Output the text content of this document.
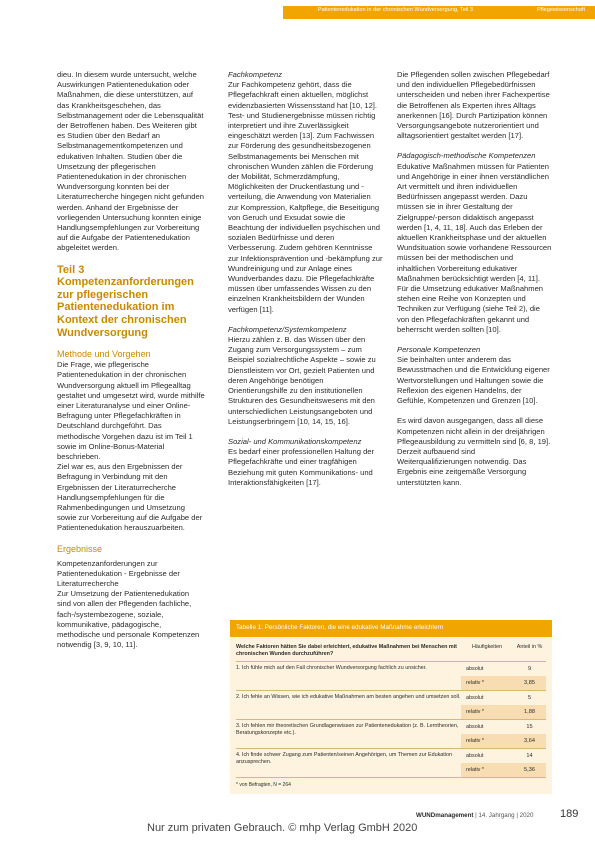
Patientenedukation in der chronischen Wundversorgung, Teil 3	Pflegewissenschaft

dieu. In diesem wurde untersucht, welche Auswirkungen Patientenedukation oder Maßnahmen, die diese unterstützen, auf das Krankheitsgeschehen, das Selbstmanagement oder die Lebensqualität der Betroffenen haben. Des Weiteren gibt es Studien über den Bedarf an Selbstmanagementkompetenzen und edukativen Inhalten. Studien über die Umsetzung der pflegerischen Patientenedukation in der chronischen Wundversorgung konnten bei der Literaturrecherche hingegen nicht gefunden werden. Anhand der Ergebnisse der vorliegenden Untersuchung konnten einige Handlungsempfehlungen zur Vorbereitung auf die Aufgabe der Patientenedukation abgeleitet werden.

Teil 3 Kompetenzanforderungen zur pflegerischen Patientenedukation im Kontext der chronischen Wundversorgung

Methode und Vorgehen

Die Frage, wie pflegerische Patientenedukation in der chronischen Wundversorgung aktuell im Pflegealltag gestaltet und umgesetzt wird, wurde mithilfe einer Literaturanalyse und einer Online-Befragung unter Pflegefachkräften in Deutschland durchgeführt. Das methodische Vorgehen dazu ist im Teil 1 sowie im Online-Bonus-Material beschrieben.

Ziel war es, aus den Ergebnissen der Befragung in Verbindung mit den Ergebnissen der Literaturrecherche Handlungsempfehlungen für die Rahmenbedingungen und Umsetzung sowie zur Vorbereitung auf die Aufgabe der Patientenedukation herauszuarbeiten.

Ergebnisse

Kompetenzanforderungen zur Patientenedukation - Ergebnisse der Literaturrecherche

Zur Umsetzung der Patientenedukation sind von allen der Pflegenden fachliche, fach-/systembezogene, soziale, kommunikative, pädagogische, methodische und personale Kompetenzen notwendig [3, 9, 10, 11].

Fachkompetenz

Zur Fachkompetenz gehört, dass die Pflegefachkraft einen aktuellen, möglichst evidenzbasierten Wissensstand hat [10, 12]. Test- und Studienergebnisse müssen richtig interpretiert und ihre Zuverlässigkeit eingeschätzt werden [13]. Zum Fachwissen zur Förderung des gesundheitsbezogenen Selbstmanagements bei Menschen mit chronischen Wunden zählen die Förderung der Mobilität, Schmerzdämpfung, Möglichkeiten der Druckentlastung und -verteilung, die Anwendung von Materialien zur Kompression, Kaltpflege, die Beseitigung von Geruch und Exsudat sowie die Beachtung der individuellen psychischen und sozialen Bedürfnisse und deren Verbesserung. Zudem gehören Kenntnisse zur Infektionsprävention und -bekämpfung zur Wundreinigung und zur Anlage eines Wundverbandes dazu. Die Pflegefachkräfte müssen über umfassendes Wissen zu den einzelnen Krankheitsbildern der Wunden verfügen [11].

Fachkompetenz/Systemkompetenz

Hierzu zählen z. B. das Wissen über den Zugang zum Versorgungssystem – zum Beispiel sozialrechtliche Aspekte – sowie zu Dienstleistern vor Ort, gezielt Patienten und deren Angehörige benötigen Orientierungshilfe zu den institutionellen Strukturen des Gesundheitswesens mit den unterschiedlichen Leistungsangeboten und Leistungserbringern [10, 14, 15, 16].

Sozial- und Kommunikationskompetenz

Es bedarf einer professionellen Haltung der Pflegefachkräfte und einer tragfähigen Beziehung mit guten Kommunikations- und Interaktionsfähigkeiten [17].

Die Pflegenden sollen zwischen Pflegebedarf und den individuellen Pflegebedürfnissen unterscheiden und neben ihrer Fachexpertise die Betroffenen als Experten ihres Alltags anerkennen [16]. Durch Partizipation können Versorgungsangebote nutzerorientiert und alltagsorientiert gestaltet werden [17].

Pädagogisch-methodische Kompetenzen

Edukative Maßnahmen müssen für Patienten und Angehörige in einer ihnen verständlichen Art vermittelt und ihren individuellen Bedürfnissen angepasst werden. Dazu müssen sie in ihrer Gestaltung der Zielgruppe/-person didaktisch angepasst werden [1, 4, 11, 18]. Auch das Erleben der aktuellen Krankheitsphase und der aktuellen Wundsituation sowie vorhandene Ressourcen müssen bei der methodischen und inhaltlichen Vorbereitung edukativer Maßnahmen berücksichtigt werden [4, 11]. Für die Umsetzung edukativer Maßnahmen stehen eine Reihe von Konzepten und Techniken zur Verfügung (siehe Teil 2), die von den Pflegefachkräften gekannt und beherrscht werden sollten [10].

Personale Kompetenzen

Sie beinhalten unter anderem das Bewusstmachen und die Entwicklung eigener Wertvorstellungen und Haltungen sowie die Reflexion des eigenen Handelns, der Gefühle, Kompetenzen und Grenzen [10].

Es wird davon ausgegangen, dass all diese Kompetenzen nicht allein in der dreijährigen Pflegeausbildung zu vermitteln sind [6, 8, 19]. Derzeit aufbauend sind Weiterqualifizierungen notwendig. Das Ergebnis eine zeitgemäße Versorgung unterstützten kann.

Tabelle 1: Persönliche Faktoren, die eine edukative Maßnahme erleichtern
Welche Faktoren hätten Sie dabei erleichtert, edukative Maßnahmen bei Menschen mit chronischen Wunden durchzuführen?
Häufigkeiten	Anteil in %
1. Ich fühle mich auf den Fall chronischer Wundversorgung fachlich zu unsicher.	absolut	9
relativ *	3,85
2. Ich fehle an Wissen, wie ich edukative Maßnahmen am besten angehen und umsetzen soll.	absolut	5
relativ *	1,88
3. Ich fehlen mir theoretischen Grundlagenwissen zur Patientenedukation (z. B. Lerntheorien, Beratungskonzepte etc.).
absolut	15
relativ *	3,64
4. Ich finde schwer Zugang zum Patienten/seinen Angehörigen, um Themen zur Edukation anzusprechen.
absolut	14
relativ *	5,36
* von Befragten, N = 264
WUNDmanagement | 14. Jahrgang | 2020 189
Nur zum privaten Gebrauch. © mhp Verlag GmbH 2020
